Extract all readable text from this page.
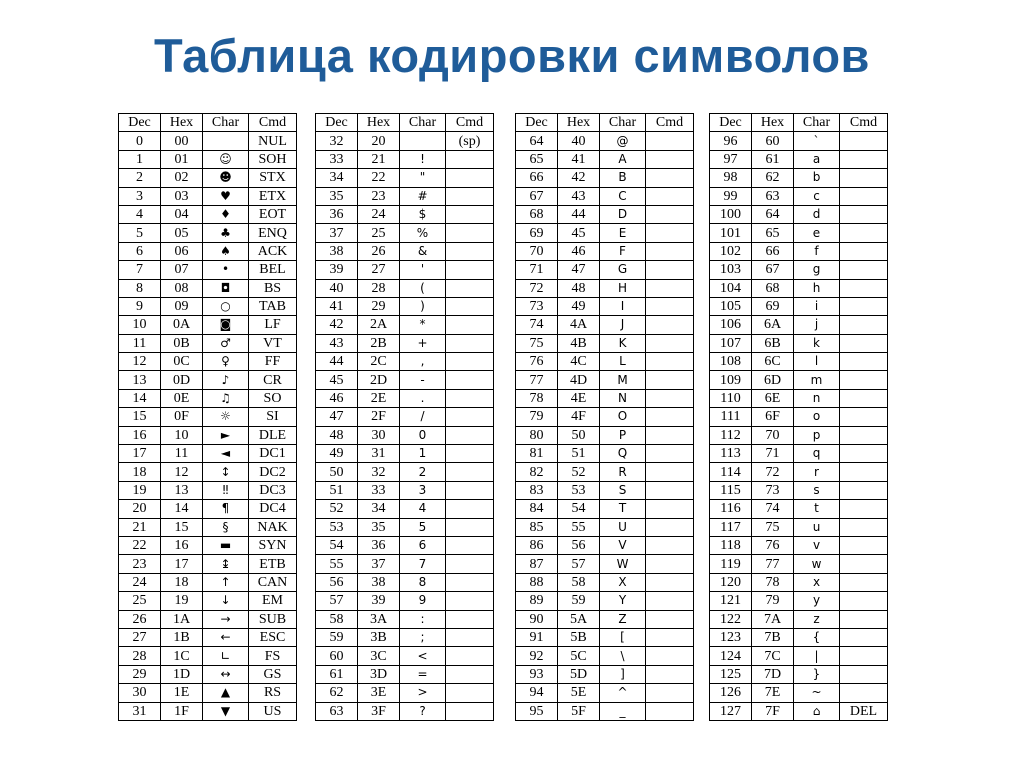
Таблица кодировки символов
Dec	Hex	Char	Cmd
0	00		NUL
1	01	☺	SOH
2	02	☻	STX
3	03	♥	ETX
4	04	♦	EOT
5	05	♣	ENQ
6	06	♠	ACK
7	07	•	BEL
8	08	◘	BS
9	09	○	TAB
10	0A	◙	LF
11	0B	♂	VT
12	0C	♀	FF
13	0D	♪	CR
14	0E	♫	SO
15	0F	☼	SI
16	10	►	DLE
17	11	◄	DC1
18	12	↕	DC2
19	13	‼	DC3
20	14	¶	DC4
21	15	§	NAK
22	16	▬	SYN
23	17	↨	ETB
24	18	↑	CAN
25	19	↓	EM
26	1A	→	SUB
27	1B	←	ESC
28	1C	∟	FS
29	1D	↔	GS
30	1E	▲	RS
31	1F	▼	US
Dec	Hex	Char	Cmd
32	20		(sp)
33	21	!	
34	22	"	
35	23	#	
36	24	$	
37	25	%	
38	26	&	
39	27	'	
40	28	(	
41	29	)	
42	2A	*	
43	2B	+	
44	2C	,	
45	2D	-	
46	2E	.	
47	2F	/	
48	30	0	
49	31	1	
50	32	2	
51	33	3	
52	34	4	
53	35	5	
54	36	6	
55	37	7	
56	38	8	
57	39	9	
58	3A	:	
59	3B	;	
60	3C	<	
61	3D	=	
62	3E	>	
63	3F	?	
Dec	Hex	Char	Cmd
64	40	@	
65	41	A	
66	42	B	
67	43	C	
68	44	D	
69	45	E	
70	46	F	
71	47	G	
72	48	H	
73	49	I	
74	4A	J	
75	4B	K	
76	4C	L	
77	4D	M	
78	4E	N	
79	4F	O	
80	50	P	
81	51	Q	
82	52	R	
83	53	S	
84	54	T	
85	55	U	
86	56	V	
87	57	W	
88	58	X	
89	59	Y	
90	5A	Z	
91	5B	[	
92	5C	\	
93	5D	]	
94	5E	^	
95	5F	_	
Dec	Hex	Char	Cmd
96	60	`	
97	61	a	
98	62	b	
99	63	c	
100	64	d	
101	65	e	
102	66	f	
103	67	g	
104	68	h	
105	69	i	
106	6A	j	
107	6B	k	
108	6C	l	
109	6D	m	
110	6E	n	
111	6F	o	
112	70	p	
113	71	q	
114	72	r	
115	73	s	
116	74	t	
117	75	u	
118	76	v	
119	77	w	
120	78	x	
121	79	y	
122	7A	z	
123	7B	{	
124	7C	|	
125	7D	}	
126	7E	~	
127	7F	⌂	DEL
